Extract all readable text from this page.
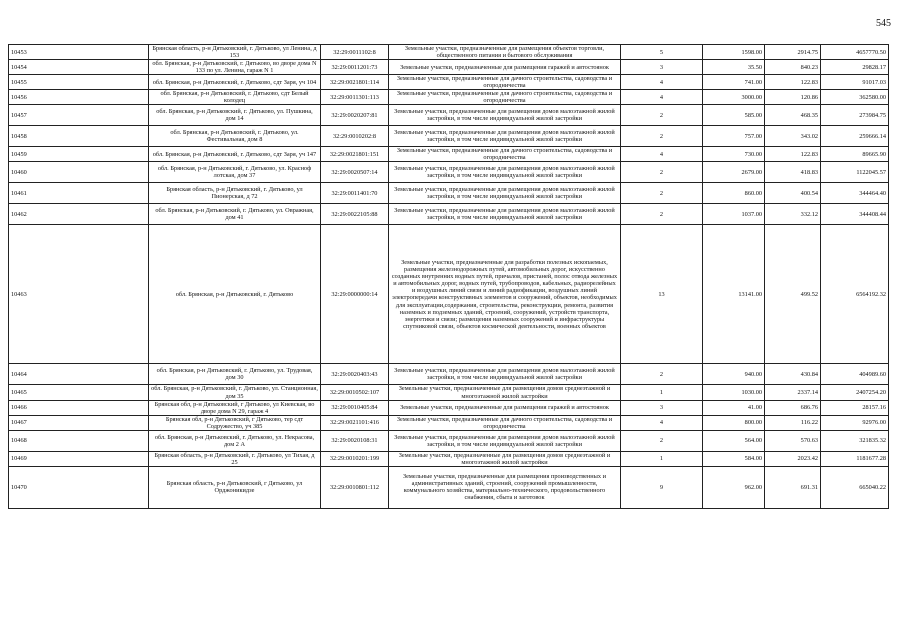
545
10453	Брянская область, р-н Дятьковский, г. Дятьково, ул Ленина, д 153	32:29:0011102:8	Земельные участки, предназначенные для размещения объектов торговли, общественного питания и бытового обслуживания	5	1598.00	2914.75	4657770.50
10454	обл. Брянская, р-н Дятьковский, г. Дятьково, во дворе дома N 133 по ул. Ленина, гараж N 1	32:29:0011201:73	Земельные участки, предназначенные для размещения гаражей и автостоянок	3	35.50	840.23	29828.17
10455	обл. Брянская, р-н Дятьковский, г. Дятьково, сдт Заря, уч 104	32:29:0021801:114	Земельные участки, предназначенные для дачного строительства, садоводства и огородничества	4	741.00	122.83	91017.03
10456	обл. Брянская, р-н Дятьковский, г. Дятьково, сдт Белый колодец	32:29:0011301:113	Земельные участки, предназначенные для дачного строительства, садоводства и огородничества	4	3000.00	120.86	362580.00
10457	обл. Брянская, р-н Дятьковский, г. Дятьково, ул. Пушкина, дом 14	32:29:0020207:81	Земельные участки, предназначенные для размещения домов малоэтажной жилой застройки, в том числе индивидуальной жилой застройки	2	585.00	468.35	273984.75
10458	обл. Брянская, р-н Дятьковский, г. Дятьково, ул. Фестивальная, дом 8	32:29:0010202:8	Земельные участки, предназначенные для размещения домов малоэтажной жилой застройки, в том числе индивидуальной жилой застройки	2	757.00	343.02	259666.14
10459	обл. Брянская, р-н Дятьковский, г. Дятьково, сдт Заря, уч 147	32:29:0021801:151	Земельные участки, предназначенные для дачного строительства, садоводства и огородничества	4	730.00	122.83	89665.90
10460	обл. Брянская, р-н Дятьковский, г. Дятьково, ул. Красноф лотская, дом 37	32:29:0020507:14	Земельные участки, предназначенные для размещения домов малоэтажной жилой застройки, в том числе индивидуальной жилой застройки	2	2679.00	418.83	1122045.57
10461	Брянская область, р-н Дятьковский, г. Дятьково, ул Пионерская, д 72	32:29:0011401:70	Земельные участки, предназначенные для размещения домов малоэтажной жилой застройки, в том числе индивидуальной жилой застройки	2	860.00	400.54	344464.40
10462	обл. Брянская, р-н Дятьковский, г. Дятьково, ул. Овражная, дом 41	32:29:0022105:88	Земельные участки, предназначенные для размещения домов малоэтажной жилой застройки, в том числе индивидуальной жилой застройки	2	1037.00	332.12	344408.44
10463	обл. Брянская, р-н Дятьковский, г. Дятьково	32:29:0000000:14	Земельные участки, предназначенные для разработки полезных ископаемых, размещения железнодорожных путей, автомобильных дорог, искусственно созданных внутренних водных путей, причалов, пристаней, полос отвода железных и автомобильных дорог, водных путей, трубопроводов, кабельных, радиорелейных и воздушных линий связи и линий радиофикации, воздушных линий электропередачи конструктивных элементов и сооружений, объектов, необходимых для эксплуатации,содержания, строительства, реконструкции, ремонта, развития наземных и подземных зданий, строений, сооружений, устройств транспорта, энергетики и связи; размещения наземных сооружений и инфраструктуры спутниковой связи, объектов космической деятельности, военных объектов	13	13141.00	499.52	6564192.32
10464	обл. Брянская, р-н Дятьковский, г. Дятьково, ул. Трудовая, дом 30	32:29:0020403:43	Земельные участки, предназначенные для размещения домов малоэтажной жилой застройки, в том числе индивидуальной жилой застройки	2	940.00	430.84	404989.60
10465	обл. Брянская, р-н Дятьковский, г. Дятьково, ул. Станционная, дом 35	32:29:0010502:107	Земельные участки, предназначенные для размещения домов среднеэтажной и многоэтажной жилой застройки	1	1030.00	2337.14	2407254.20
10466	Брянская обл, р-н Дятьковский, г Дятьково, ул Киевская, во дворе дома N 29, гараж 4	32:29:0010405:84	Земельные участки, предназначенные для размещения гаражей и автостоянок	3	41.00	686.76	28157.16
10467	Брянская обл, р-н Дятьковский, г Дятьково, тер сдт Содружество, уч 385	32:29:0021101:416	Земельные участки, предназначенные для дачного строительства, садоводства и огородничества	4	800.00	116.22	92976.00
10468	обл. Брянская, р-н Дятьковский, г. Дятьково, ул. Некрасова, дом 2 А	32:29:0020108:31	Земельные участки, предназначенные для размещения домов малоэтажной жилой застройки, в том числе индивидуальной жилой застройки	2	564.00	570.63	321835.32
10469	Брянская область, р-н Дятьковский, г. Дятьково, ул Тихая, д 25	32:29:0010201:199	Земельные участки, предназначенные для размещения домов среднеэтажной и многоэтажной жилой застройки	1	584.00	2023.42	1181677.28
10470	Брянская область, р-н Дятьковский, г Дятьково, ул Орджоникидзе	32:29:0010801:112	Земельные участки, предназначенные для размещения производственных и административных зданий, строений, сооружений промышленности, коммунального хозяйства, материально-технического, продовольственного снабжения, сбыта и заготовок	9	962.00	691.31	665040.22
